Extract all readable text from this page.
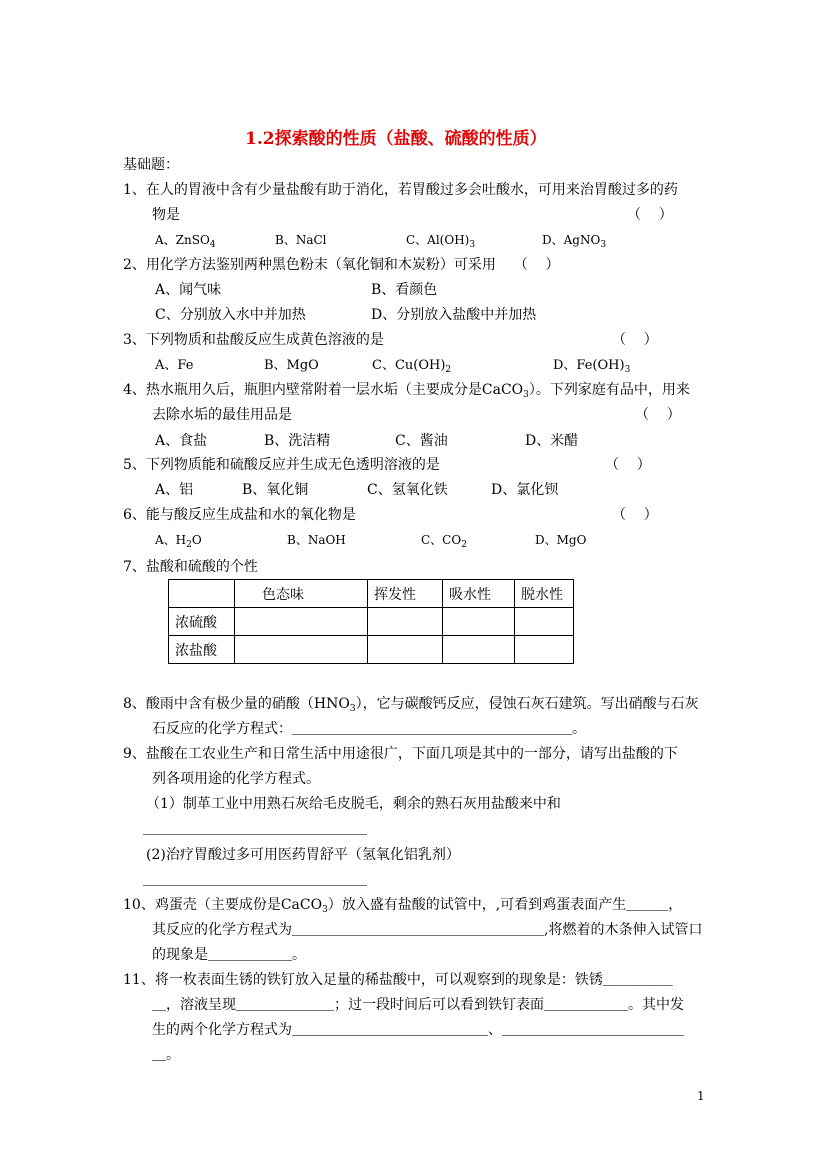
1.2探索酸的性质（盐酸、硫酸的性质）
基础题：
1、在人的胃液中含有少量盐酸有助于消化，若胃酸过多会吐酸水，可用来治胃酸过多的药
物是	（    ）
A、ZnSO$_4$	B、NaCl	C、$Al(OH)_3$	D、AgNO$_3$
2、用化学方法鉴别两种黑色粉末（氧化铜和木炭粉）可采用    （    ）
A、闻气味	B、看颜色
C、分别放入水中并加热	D、分别放入盐酸中并加热
3、下列物质和盐酸反应生成黄色溶液的是	（    ）
A、Fe	B、MgO	C、$Cu(OH)_2$	D、$Fe(OH)_3$
4、热水瓶用久后，瓶胆内壁常附着一层水垢（主要成分是CaCO$_3$）。下列家庭有品中，用来
去除水垢的最佳用品是	（    ）
A、食盐	B、洗洁精	C、酱油	D、米醋
5、下列物质能和硫酸反应并生成无色透明溶液的是	（    ）
A、铝	B、氧化铜	C、氢氧化铁	D、氯化钡
6、能与酸反应生成盐和水的氧化物是	（    ）
A、$H_2O$	B、NaOH	C、$CO_2$	D、MgO
7、盐酸和硫酸的个性
	色态味	挥发性	吸水性	脱水性
浓硫酸				
浓盐酸				
8、酸雨中含有极少量的硝酸$(HNO_3)$，它与碳酸钙反应，侵蚀石灰石建筑。写出硝酸与石灰
石反应的化学方程式：＿＿＿＿＿＿＿＿＿＿＿＿＿＿＿＿＿＿＿＿。
9、盐酸在工农业生产和日常生活中用途很广，下面几项是其中的一部分，请写出盐酸的下
列各项用途的化学方程式。
（1）制革工业中用熟石灰给毛皮脱毛，剩余的熟石灰用盐酸来中和
＿＿＿＿＿＿＿＿＿＿＿＿＿＿＿＿
(2)治疗胃酸过多可用医药胃舒平（氢氧化铝乳剂）
＿＿＿＿＿＿＿＿＿＿＿＿＿＿＿＿
10、鸡蛋壳（主要成份是CaCO$_3$）放入盛有盐酸的试管中，,可看到鸡蛋表面产生＿＿＿，
其反应的化学方程式为＿＿＿＿＿＿＿＿＿＿＿＿＿＿＿＿＿＿,将燃着的木条伸入试管口
的现象是＿＿＿＿＿＿。
11、将一枚表面生锈的铁钉放入足量的稀盐酸中，可以观察到的现象是：铁锈＿＿＿＿＿
＿，溶液呈现＿＿＿＿＿＿＿；过一段时间后可以看到铁钉表面＿＿＿＿＿＿。其中发
生的两个化学方程式为＿＿＿＿＿＿＿＿＿＿＿＿＿＿、＿＿＿＿＿＿＿＿＿＿＿＿＿
＿。
1
